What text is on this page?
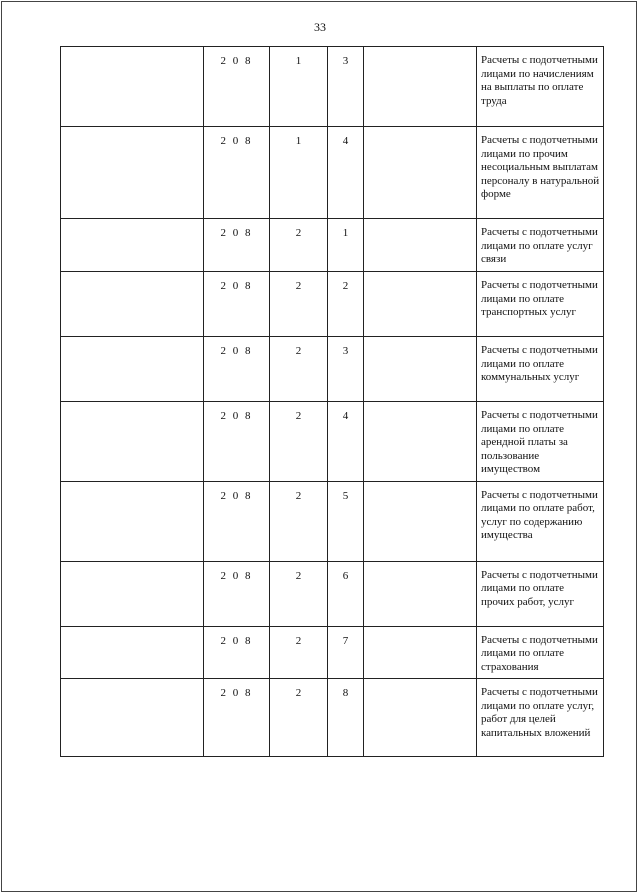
33
	2 0 8	1	3		Расчеты с подотчетными лицами по начислениям на выплаты по оплате труда
	2 0 8	1	4		Расчеты с подотчетными лицами по прочим несоциальным выплатам персоналу в натуральной форме
	2 0 8	2	1		Расчеты с подотчетными лицами по оплате услуг связи
	2 0 8	2	2		Расчеты с подотчетными лицами по оплате транспортных услуг
	2 0 8	2	3		Расчеты с подотчетными лицами по оплате коммунальных услуг
	2 0 8	2	4		Расчеты с подотчетными лицами по оплате арендной платы за пользование имуществом
	2 0 8	2	5		Расчеты с подотчетными лицами по оплате работ, услуг по содержанию имущества
	2 0 8	2	6		Расчеты с подотчетными лицами по оплате прочих работ, услуг
	2 0 8	2	7		Расчеты с подотчетными лицами по оплате страхования
	2 0 8	2	8		Расчеты с подотчетными лицами по оплате услуг, работ для целей капитальных вложений
